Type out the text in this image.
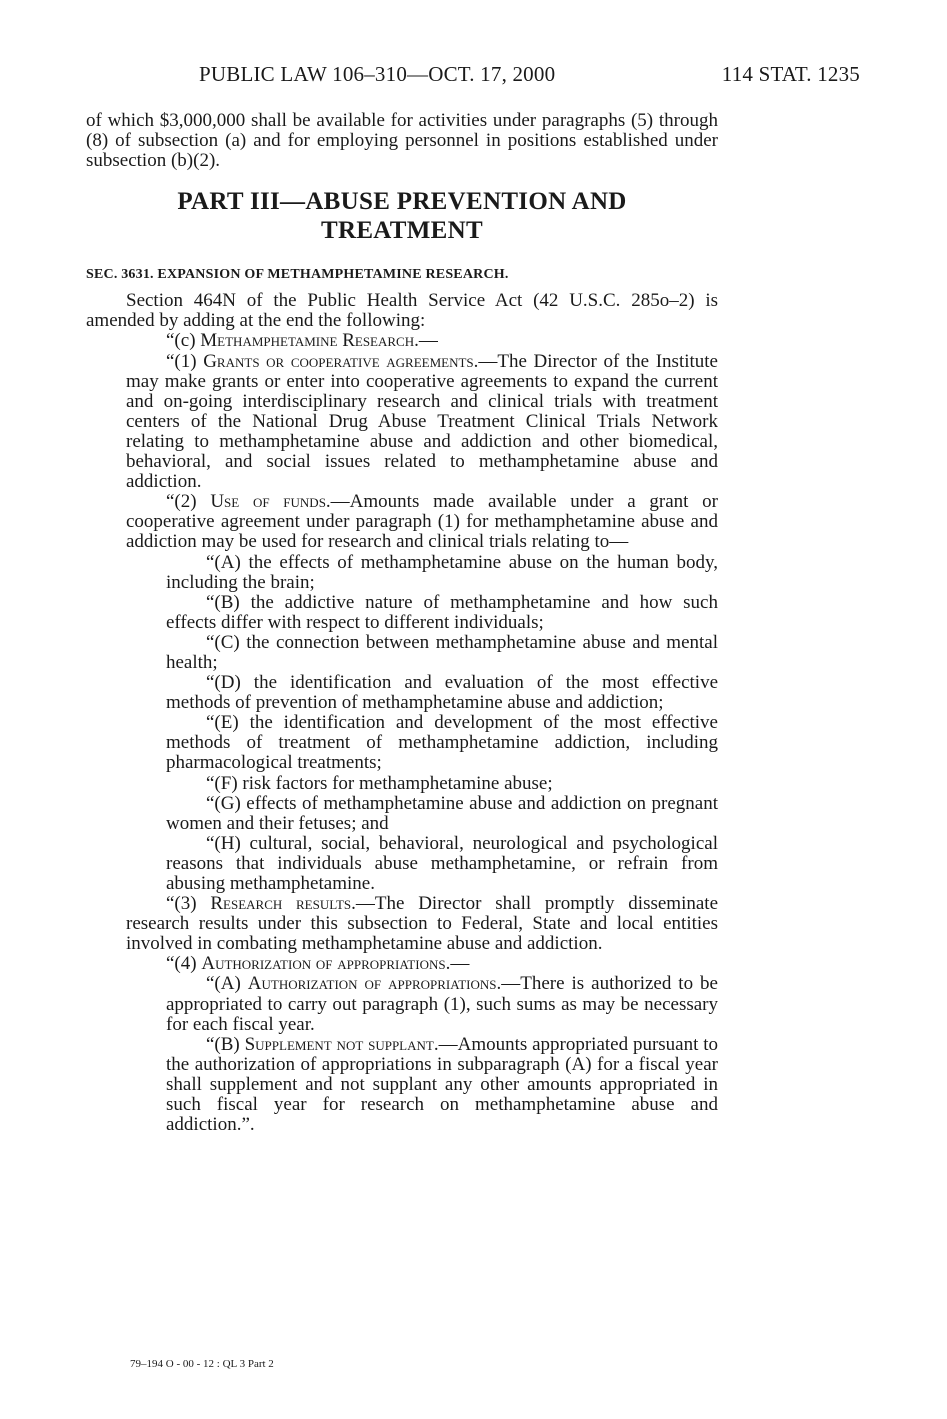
PUBLIC LAW 106–310—OCT. 17, 2000	114 STAT. 1235

of which $3,000,000 shall be available for activities under paragraphs (5) through (8) of subsection (a) and for employing personnel in positions established under subsection (b)(2).

PART III—ABUSE PREVENTION AND
TREATMENT
SEC. 3631. EXPANSION OF METHAMPHETAMINE RESEARCH.

Section 464N of the Public Health Service Act (42 U.S.C. 285o–2) is amended by adding at the end the following:

“(c) Methamphetamine Research.—

“(1) Grants or cooperative agreements.—The Director of the Institute may make grants or enter into cooperative agreements to expand the current and on-going interdisciplinary research and clinical trials with treatment centers of the National Drug Abuse Treatment Clinical Trials Network relating to methamphetamine abuse and addiction and other biomedical, behavioral, and social issues related to methamphetamine abuse and addiction.

“(2) Use of funds.—Amounts made available under a grant or cooperative agreement under paragraph (1) for methamphetamine abuse and addiction may be used for research and clinical trials relating to—

“(A) the effects of methamphetamine abuse on the human body, including the brain;

“(B) the addictive nature of methamphetamine and how such effects differ with respect to different individuals;

“(C) the connection between methamphetamine abuse and mental health;

“(D) the identification and evaluation of the most effective methods of prevention of methamphetamine abuse and addiction;

“(E) the identification and development of the most effective methods of treatment of methamphetamine addiction, including pharmacological treatments;

“(F) risk factors for methamphetamine abuse;

“(G) effects of methamphetamine abuse and addiction on pregnant women and their fetuses; and

“(H) cultural, social, behavioral, neurological and psychological reasons that individuals abuse methamphetamine, or refrain from abusing methamphetamine.

“(3) Research results.—The Director shall promptly disseminate research results under this subsection to Federal, State and local entities involved in combating methamphetamine abuse and addiction.

“(4) Authorization of appropriations.—

“(A) Authorization of appropriations.—There is authorized to be appropriated to carry out paragraph (1), such sums as may be necessary for each fiscal year.

“(B) Supplement not supplant.—Amounts appropriated pursuant to the authorization of appropriations in subparagraph (A) for a fiscal year shall supplement and not supplant any other amounts appropriated in such fiscal year for research on methamphetamine abuse and addiction.”.

79–194 O - 00 - 12 : QL 3 Part 2
